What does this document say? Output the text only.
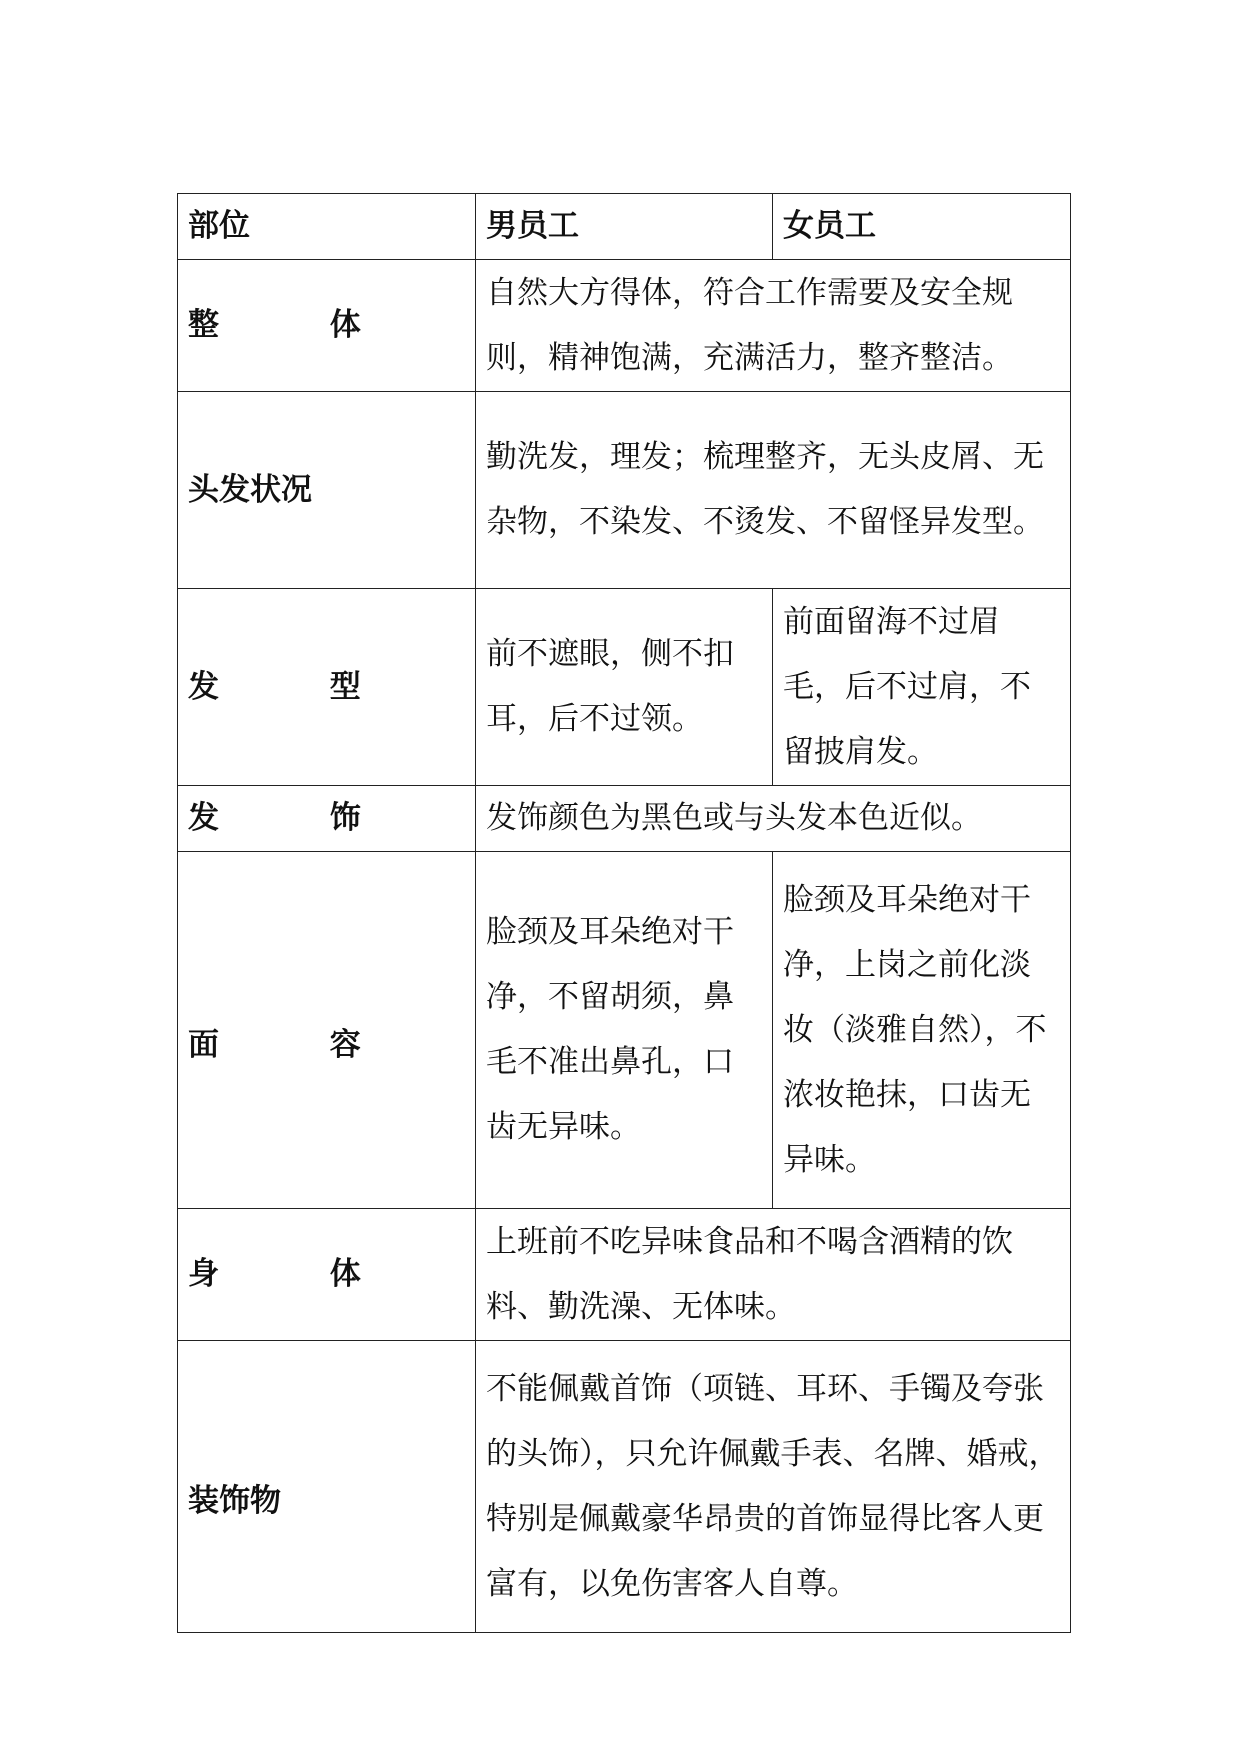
部位	男员工	女员工
整 体	自然大方得体，符合工作需要及安全规则，精神饱满，充满活力，整齐整洁。	
头发状况	勤洗发，理发；梳理整齐，无头皮屑、无杂物，不染发、不烫发、不留怪异发型。	
发 型	前不遮眼，侧不扣耳，后不过领。	前面留海不过眉毛，后不过肩，不留披肩发。
发 饰	发饰颜色为黑色或与头发本色近似。	
面 容	脸颈及耳朵绝对干净，不留胡须，鼻毛不准出鼻孔，口齿无异味。	脸颈及耳朵绝对干净，上岗之前化淡妆（淡雅自然），不浓妆艳抹，口齿无异味。
身 体	上班前不吃异味食品和不喝含酒精的饮料、勤洗澡、无体味。	
装饰物	不能佩戴首饰（项链、耳环、手镯及夸张的头饰），只允许佩戴手表、名牌、婚戒，特别是佩戴豪华昂贵的首饰显得比客人更富有，以免伤害客人自尊。	
